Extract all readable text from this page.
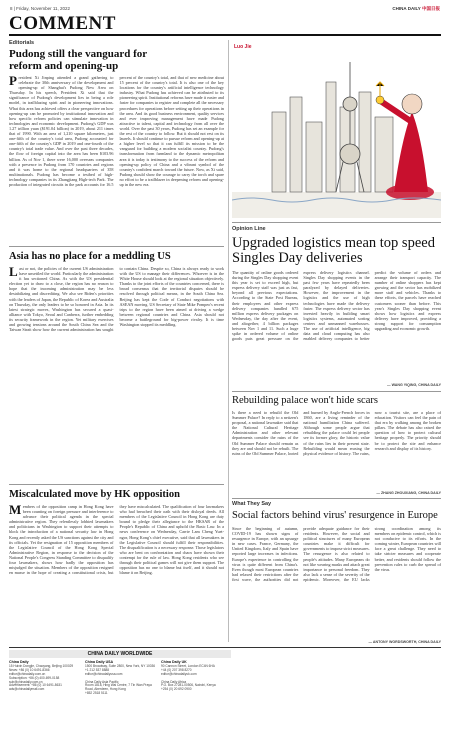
8 | Friday, November 11, 2022	CHINA DAILY 中国日报
COMMENT
Editorials
Pudong still the vanguard for reform and opening-up
President Xi Jinping attended a grand gathering to celebrate the 30th anniversary of the development and opening-up of Shanghai's Pudong New Area on Thursday. In his speech, President Xi said that the significance of Pudong's development lies in being a role model, in trailblazing spirit and in pioneering innovations. What this area has achieved offers a clear perspective on how opening-up can be promoted by institutional innovation and how specific reform policies can stimulate innovation in technologies and economic development. Pudong's GDP was 1.27 trillion yuan ($191.04 billion) in 2019, about 211 times that of 1990. With an area of 1,210 square kilometers, just one-fifth of the country's total area, Pudong accounted for one-fifth of the country's GDP in 2019 and one-fourth of the country's total trade value. And over the past three decades, the flow of foreign capital into the area has been $103.96 billion. As of Nov 1, there were 16,000 overseas companies with a presence in Pudong from 170 countries and regions and it was home to the regional headquarters of 358 multinationals. Pudong has become a testbed of high-technology companies in its Zhangjiang High-tech Park. The production of integrated circuits in the park accounts for 16.5 percent of the country's total, and that of new medicine about 15 percent of the country's total. It is also one of the key locations for the country's artificial intelligence technology industry. What Pudong has achieved can be attributed to its pioneering spirit. Institutional reforms have made it easier and faster for companies to register and complete all the necessary procedures for operations before setting up their operations in the area. And its good business environment, quality services and ever improving management have made Pudong attractive to talent, capital and technology from all over the world. Over the past 30 years, Pudong has set an example for the rest of the country to follow. But it should not rest on its laurels. It should continue to pursue reform and opening-up at a higher level so that it can fulfill its mission to be the vanguard for building a modern socialist country. Pudong's transformation from farmland to the dynamic metropolitan area it is today is testimony to the success of the reform and opening-up policy of China and a vibrant symbol of the country's confident march toward the future. Now, as Xi said, Pudong should show the courage to carry the torch and spare no effort to be a trailblazer in deepening reform and opening-up in the new era.
Asia has no place for a meddling US
Last or not, the policies of the current US administration have unsettled the world. Particularly the administration it has sectioned China. As with the US presidential election yet to draw to a close, the region has no reason to hope that the incoming administration may be less destabilizing and discrediting. We also see Biden's priorities with the leaders of Japan, the Republic of Korea and Australia on Thursday, the only leaders to be so honored in Asia. In its latest strategic moves, Washington has secured a quasi-alliance with Tokyo, Seoul and Canberra, further embedding its security framework in the region. Yet military exercises and growing tensions around the South China Sea and the Taiwan Strait show how the current administration has sought to contain China. Despite so, China is always ready to work with the US to manage their differences. Whoever is in the White House should look at the regional situation objectively. Thanks to the joint efforts of the countries concerned, there is broad consensus that the territorial disputes should be resolved through political means, in the South China Sea. Beijing has kept the Code of Conduct negotiations with ASEAN moving. US Secretary of State Mike Pompeo's recent trips to the region have been aimed at driving a wedge between regional countries and China. Asia should not become a battleground for big-power rivalry. It is time Washington stopped its meddling.
Miscalculated move by HK opposition
Members of the opposition camp in Hong Kong have been counting on foreign pressure and interference to advance their political agenda in the special administrative region. They relentlessly lobbied lawmakers and politicians in Washington to support their attempts to block the introduction of a national security law in Hong Kong and recently asked the US sanctions against the city and its officials. Yet the resignation of 15 opposition members of the Legislative Council of the Hong Kong Special Administrative Region, in response to the decision of the National People's Congress Standing Committee to disqualify four lawmakers, shows how badly the opposition has misjudged the situation. Members of the opposition resigned en masse in the hope of creating a constitutional crisis, but they have miscalculated. The qualification of four lawmakers who had breached their oath with their disloyal deeds. All members of the Legislative Council in Hong Kong are duty bound to pledge their allegiance to the HKSAR of the People's Republic of China and uphold the Basic Law. In a news conference on Wednesday, Carrie Lam Cheng Yuet-ngor, Hong Kong's chief executive, said that all lawmakers in the Legislative Council should fulfill their responsibilities. The disqualification is a necessary response. Those legislators who are bent on confrontation and chaos have shown their contempt for the rule of law. Hong Kong residents who see through their political games will not give them support. The opposition has no one to blame but itself, and it should not blame it on Beijing.
Luo Jie
Opinion Line
Upgraded logistics mean top speed Singles Day deliveries
The quantity of online goods ordered during the Singles Day shopping event this year is set to exceed high, but express delivery staff was just as fast, beyond all previous expectations. According to the State Post Bureau, their employees and other express delivery companies handled 675 million express delivery packages on Wednesday, the day after the event, and altogether, 4 billion packages between Nov 1 and 11. Such a huge spike in ordered volume of online goods puts great pressure on the express delivery logistics channel. Singles Day shopping events in the past few years have repeatedly been paralyzed by delayed deliveries. However, the improvement in the logistics and the use of high technologies have made the delivery faster. The express delivery sector has invested heavily in building smart logistics systems, automated sorting centers and unmanned warehouses. The use of artificial intelligence, big data and cloud computing has also enabled delivery companies to better predict the volume of orders and arrange their transport capacity. The number of online shoppers has kept growing and the sector has mobilized more staff and vehicles. Thanks to these efforts, the parcels have reached customers sooner than before. This year's Singles Day shopping event shows how logistics and express delivery have improved, providing a strong support for consumption upgrading and economic growth.
— WANG YIQING, CHINA DAILY
Rebuilding palace won't hide scars
Is there a need to rebuild the Old Summer Palace? In reply to a netizen's proposal, a national lawmaker said that the National Cultural Heritage Administration and other relevant departments consider the ruins of the Old Summer Palace should remain as they are and should not be rebuilt. The ruins of the Old Summer Palace, looted and burned by Anglo-French forces in 1860, are a living reminder of the national humiliation China suffered. Although some people argue that rebuilding the palace could let people see its former glory, the historic value of the ruins lies in their present state. Rebuilding would mean erasing the physical evidence of history. The ruins, now a tourist site, are a place of education. Visitors can feel the pain of that era by walking among the broken pillars. The debate has also raised the question of how to protect cultural heritage properly. The priority should be to protect the site and enhance research and display of its history.
— ZHANG ZHOUXIANG, CHINA DAILY
What They Say
Social factors behind virus' resurgence in Europe
Since the beginning of autumn, COVID-19 has shown signs of resurgence in Europe, with an upsurge in new cases. France, Germany, the United Kingdom, Italy and Spain have reported large increases in infections. Europe's experience in controlling the virus is quite different from China's. Even though most European countries had relaxed their restrictions after the first wave, the authorities did not provide adequate guidance for their residents. However, the social and political structures of many European countries make it difficult for governments to impose strict measures. The resurgence is also related to people's attitudes. Many Europeans do not like wearing masks and attach great importance to personal freedom. They also lack a sense of the severity of the epidemic. Moreover, the EU lacks strong coordination among its members on epidemic control, which is not conducive to its efforts. In the coming winter, European countries will face a great challenge. They need to take stricter measures and cooperate better, and residents should follow the prevention rules to curb the spread of the virus.
— ANTONY WORDSWORTH, CHINA DAILY
CHINA DAILY WORLDWIDE
China Daily
15 Huixin Dongjie, Chaoyang, Beijing 100029
News: +86 (0) 10 6491-8366
editor@chinadaily.com.cn
Subscription: +86 (0) 400-699-0158
sub@chinadaily.com.cn
Advertisement: +86 (0) 10 6491-8631
ads@chinadailymail.com
China Daily USA
1500 Broadway, Suite 2800, New York, NY 10036
+1 212 537 8888
editor@chinadailyusa.com

China Daily Asia Pacific
Room 1818, Hing Wai Centre, 7 Tin Wan Praya Road, Aberdeen, Hong Kong
+852 2518 5111
China Daily UK
90 Cannon Street, London EC4N 6HA
+44 (0) 207 398 8270
editor@chinadailyuk.com

China Daily Africa
P.O. Box 27281-00506, Nairobi, Kenya
+254 (0) 20 692 0900
